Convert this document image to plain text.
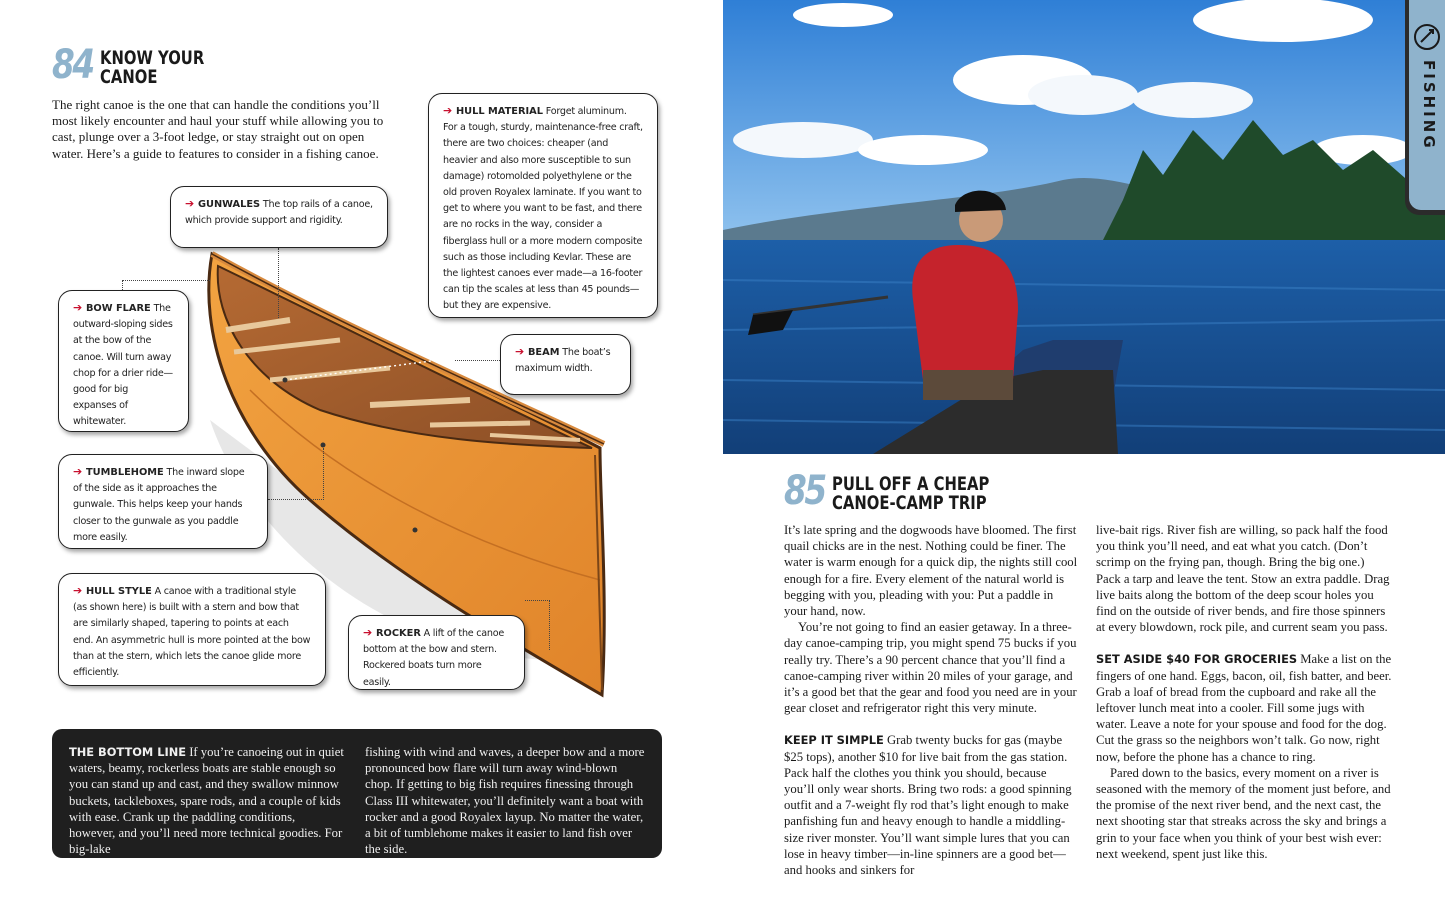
84 KNOW YOUR
CANOE
The right canoe is the one that can handle the conditions you’ll most likely encounter and haul your stuff while allowing you to cast, plunge over a 3-foot ledge, or stay straight out on open water. Here’s a guide to features to consider in a fishing canoe.
➔ GUNWALES The top rails of a canoe, which provide support and rigidity.
➔ HULL MATERIAL Forget aluminum. For a tough, sturdy, maintenance-free craft, there are two choices: cheaper (and heavier and also more susceptible to sun damage) rotomolded polyethylene or the old proven Royalex laminate. If you want to get to where you want to be fast, and there are no rocks in the way, consider a fiberglass hull or a more modern composite such as those including Kevlar. These are the lightest canoes ever made—a 16-footer can tip the scales at less than 45 pounds—but they are expensive.
➔ BOW FLARE The outward-sloping sides at the bow of the canoe. Will turn away chop for a drier ride—good for big expanses of whitewater.
➔ BEAM The boat’s maximum width.
➔ TUMBLEHOME The inward slope of the side as it approaches the gunwale. This helps keep your hands closer to the gunwale as you paddle more easily.
➔ HULL STYLE A canoe with a traditional style (as shown here) is built with a stern and bow that are similarly shaped, tapering to points at each end. An asymmetric hull is more pointed at the bow than at the stern, which lets the canoe glide more efficiently.
➔ ROCKER A lift of the canoe bottom at the bow and stern. Rockered boats turn more easily.
THE BOTTOM LINE If you’re canoeing out in quiet waters, beamy, rockerless boats are stable enough so you can stand up and cast, and they swallow minnow buckets, tackleboxes, spare rods, and a couple of kids with ease. Crank up the paddling conditions, however, and you’ll need more technical goodies. For big-lake
fishing with wind and waves, a deeper bow and a more pronounced bow flare will turn away wind-blown chop. If getting to big fish requires finessing through Class III whitewater, you’ll definitely want a boat with rocker and a good Royalex layup. No matter the water, a bit of tumblehome makes it easier to land fish over the side.
FISHING
85 PULL OFF A CHEAP
CANOE-CAMP TRIP

It’s late spring and the dogwoods have bloomed. The first quail chicks are in the nest. Nothing could be finer. The water is warm enough for a quick dip, the nights still cool enough for a fire. Every element of the natural world is begging with you, pleading with you: Put a paddle in your hand, now.

You’re not going to find an easier getaway. In a three-day canoe-camping trip, you might spend 75 bucks if you really try. There’s a 90 percent chance that you’ll find a canoe-camping river within 20 miles of your garage, and it’s a good bet that the gear and food you need are in your gear closet and refrigerator right this very minute.

KEEP IT SIMPLE Grab twenty bucks for gas (maybe $25 tops), another $10 for live bait from the gas station. Pack half the clothes you think you should, because you’ll only wear shorts. Bring two rods: a good spinning outfit and a 7-weight fly rod that’s light enough to make panfishing fun and heavy enough to handle a middling-size river monster. You’ll want simple lures that you can lose in heavy timber—in-line spinners are a good bet—and hooks and sinkers for

live-bait rigs. River fish are willing, so pack half the food you think you’ll need, and eat what you catch. (Don’t scrimp on the frying pan, though. Bring the big one.) Pack a tarp and leave the tent. Stow an extra paddle. Drag live baits along the bottom of the deep scour holes you find on the outside of river bends, and fire those spinners at every blowdown, rock pile, and current seam you pass.

SET ASIDE $40 FOR GROCERIES Make a list on the fingers of one hand. Eggs, bacon, oil, fish batter, and beer. Grab a loaf of bread from the cupboard and rake all the leftover lunch meat into a cooler. Fill some jugs with water. Leave a note for your spouse and food for the dog. Cut the grass so the neighbors won’t talk. Go now, right now, before the phone has a chance to ring.

Pared down to the basics, every moment on a river is seasoned with the memory of the moment just before, and the promise of the next river bend, and the next cast, the next shooting star that streaks across the sky and brings a grin to your face when you think of your best wish ever: next weekend, spent just like this.
